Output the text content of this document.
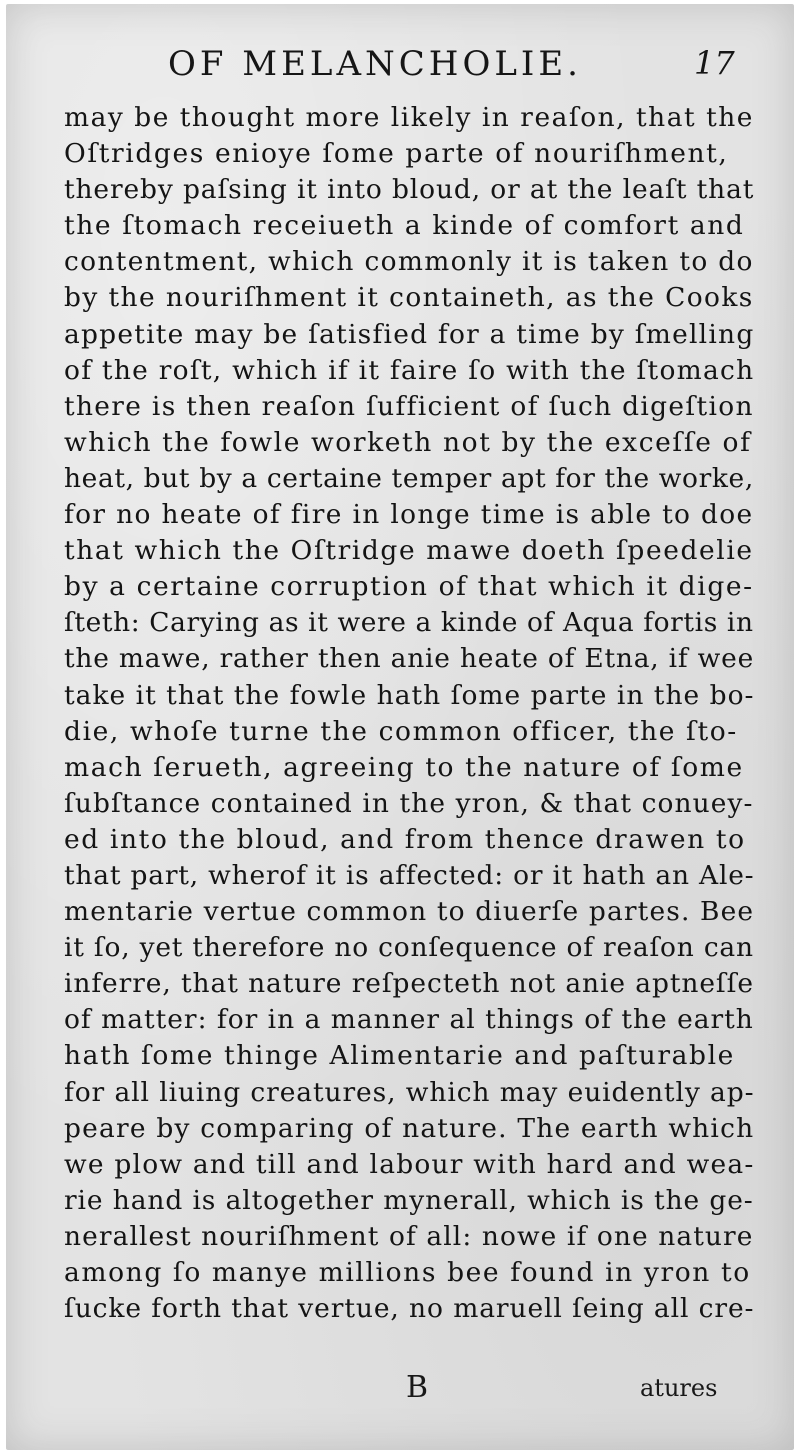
OF MELANCHOLIE.	17
may be thought more likely in reaſon, that the
Oſtridges enioye ſome parte of nouriſhment,
thereby paſsing it into bloud, or at the leaſt that
the ſtomach receiueth a kinde of comfort and
contentment, which commonly it is taken to do
by the nouriſhment it containeth, as the Cooks
appetite may be ſatisfied for a time by ſmelling
of the roſt, which if it faire ſo with the ſtomach
there is then reaſon ſufficient of ſuch digeſtion
which the fowle worketh not by the exceſſe of
heat, but by a certaine temper apt for the worke,
for no heate of fire in longe time is able to doe
that which the Oſtridge mawe doeth ſpeedelie
by a certaine corruption of that which it dige-
ſteth: Carying as it were a kinde of Aqua fortis in
the mawe, rather then anie heate of Etna, if wee
take it that the fowle hath ſome parte in the bo-
die, whoſe turne the common officer, the ſto-
mach ſerueth, agreeing to the nature of ſome
ſubſtance contained in the yron, & that conuey-
ed into the bloud, and from thence drawen to
that part, wherof it is affected: or it hath an Ale-
mentarie vertue common to diuerſe partes. Bee
it ſo, yet therefore no conſequence of reaſon can
inferre, that nature reſpecteth not anie aptneſſe
of matter: for in a manner al things of the earth
hath ſome thinge Alimentarie and paſturable
for all liuing creatures, which may euidently ap-
peare by comparing of nature. The earth which
we plow and till and labour with hard and wea-
rie hand is altogether mynerall, which is the ge-
nerallest nouriſhment of all: nowe if one nature
among ſo manye millions bee found in yron to
ſucke forth that vertue, no maruell ſeing all cre-
B	atures
